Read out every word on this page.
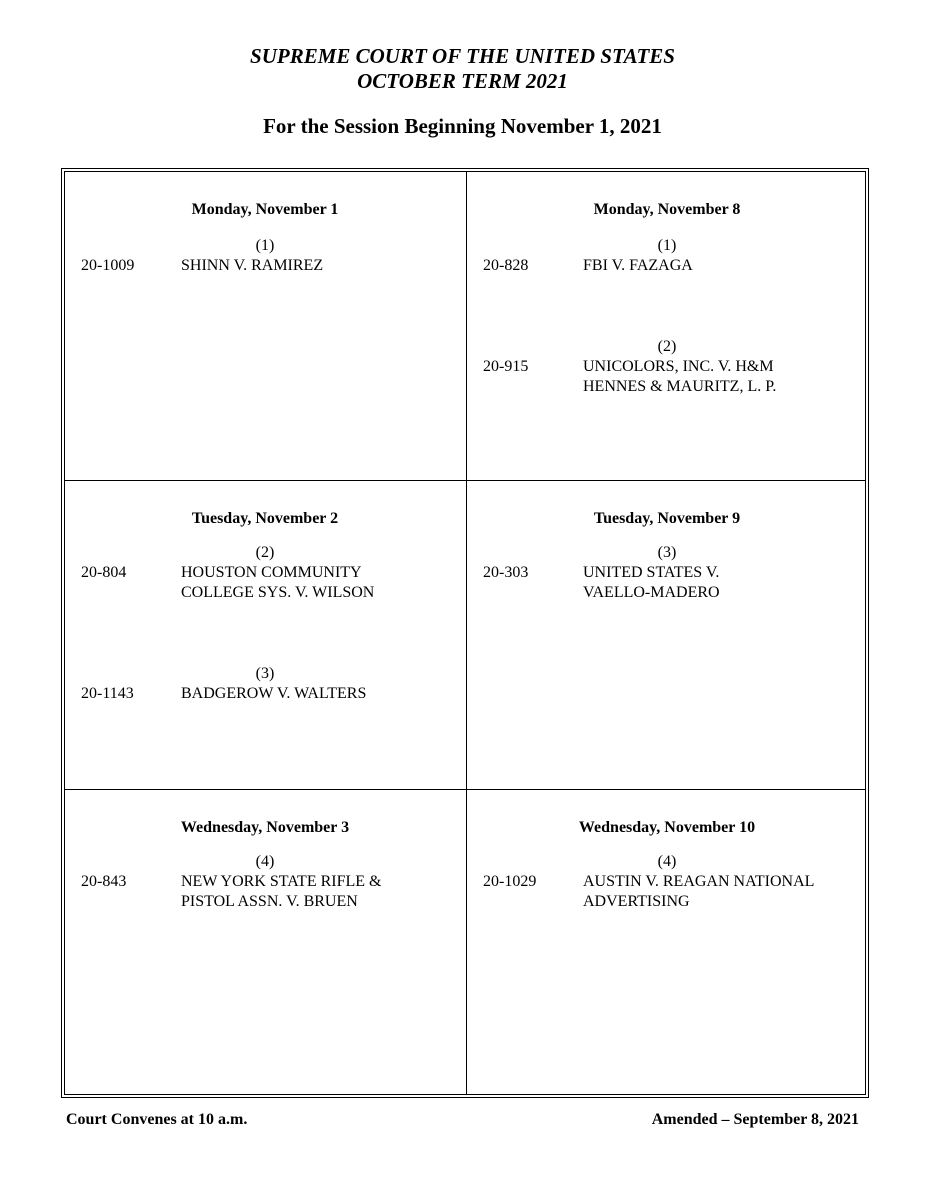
SUPREME COURT OF THE UNITED STATES
OCTOBER TERM 2021
For the Session Beginning November 1, 2021
Monday, November 1
(1)
20-1009	SHINN V. RAMIREZ
Monday, November 8
(1)
20-828	FBI V. FAZAGA
(2)
20-915	UNICOLORS, INC. V. H&M
HENNES & MAURITZ, L. P.
Tuesday, November 2
(2)
20-804	HOUSTON COMMUNITY
COLLEGE SYS. V. WILSON
(3)
20-1143	BADGEROW V. WALTERS
Tuesday, November 9
(3)
20-303	UNITED STATES V.
VAELLO-MADERO
Wednesday, November 3
(4)
20-843	NEW YORK STATE RIFLE &
PISTOL ASSN. V. BRUEN
Wednesday, November 10
(4)
20-1029	AUSTIN V. REAGAN NATIONAL
ADVERTISING
Court Convenes at 10 a.m.	Amended – September 8, 2021
